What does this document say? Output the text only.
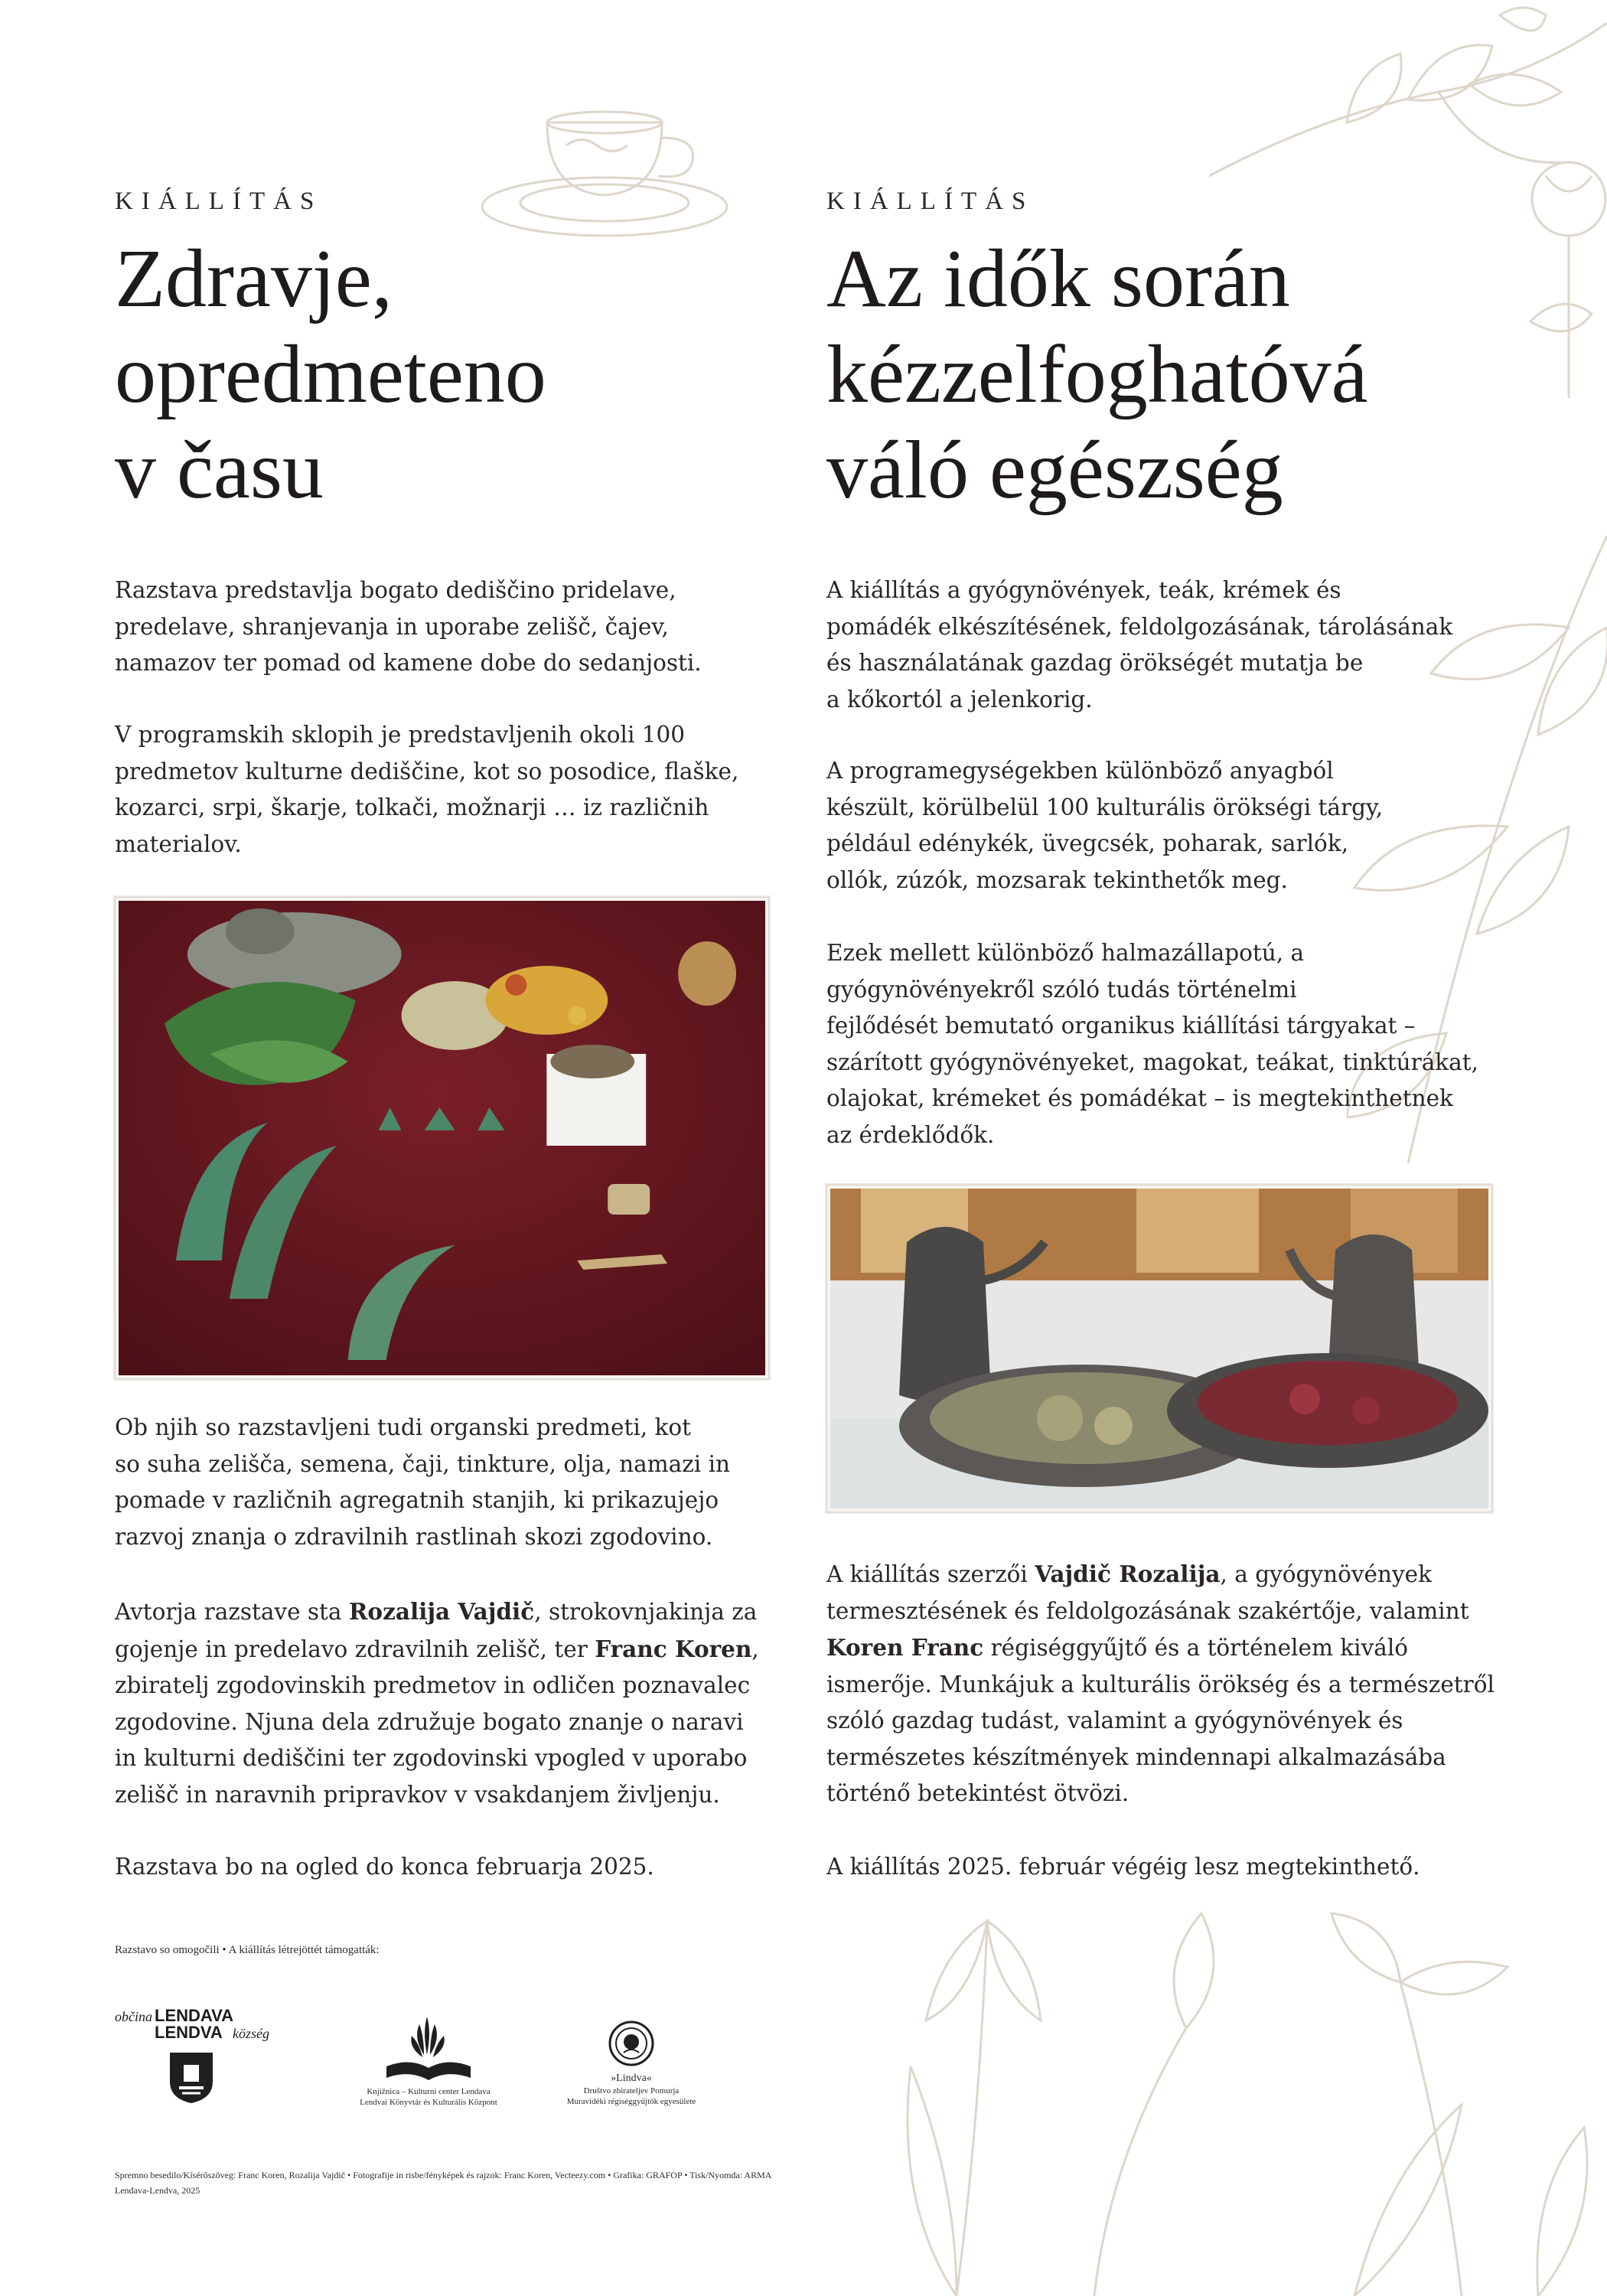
KIÁLLÍTÁS

Zdravje,
opredmeteno
v času
Razstava predstavlja bogato dediščino pridelave,
predelave, shranjevanja in uporabe zelišč, čajev,
namazov ter pomad od kamene dobe do sedanjosti.
V programskih sklopih je predstavljenih okoli 100
predmetov kulturne dediščine, kot so posodice, flaške,
kozarci, srpi, škarje, tolkači, možnarji … iz različnih
materialov.
Ob njih so razstavljeni tudi organski predmeti, kot
so suha zelišča, semena, čaji, tinkture, olja, namazi in
pomade v različnih agregatnih stanjih, ki prikazujejo
razvoj znanja o zdravilnih rastlinah skozi zgodovino.
Avtorja razstave sta Rozalija Vajdič, strokovnjakinja za
gojenje in predelavo zdravilnih zelišč, ter Franc Koren,
zbiratelj zgodovinskih predmetov in odličen poznavalec
zgodovine. Njuna dela združuje bogato znanje o naravi
in kulturni dediščini ter zgodovinski vpogled v uporabo
zelišč in naravnih pripravkov v vsakdanjem življenju.
Razstava bo na ogled do konca februarja 2025.

KIÁLLÍTÁS

Az idők során
kézzelfoghatóvá
váló egészség
A kiállítás a gyógynövények, teák, krémek és
pomádék elkészítésének, feldolgozásának, tárolásának
és használatának gazdag örökségét mutatja be
a kőkortól a jelenkorig.
A programegységekben különböző anyagból
készült, körülbelül 100 kulturális örökségi tárgy,
például edénykék, üvegcsék, poharak, sarlók,
ollók, zúzók, mozsarak tekinthetők meg.
Ezek mellett különböző halmazállapotú, a
gyógynövényekről szóló tudás történelmi
fejlődését bemutató organikus kiállítási tárgyakat –
szárított gyógynövényeket, magokat, teákat, tinktúrákat,
olajokat, krémeket és pomádékat – is megtekinthetnek
az érdeklődők.
A kiállítás szerzői Vajdič Rozalija, a gyógynövények
termesztésének és feldolgozásának szakértője, valamint
Koren Franc régiséggyűjtő és a történelem kiváló
ismerője. Munkájuk a kulturális örökség és a természetről
szóló gazdag tudást, valamint a gyógynövények és
természetes készítmények mindennapi alkalmazásába
történő betekintést ötvözi.
A kiállítás 2025. február végéig lesz megtekinthető.
Razstavo so omogočili • A kiállítás létrejöttét támogatták:
občina LENDAVA
LENDVA község
Knjižnica – Kulturni center Lendava
Lendvai Könyvtár és Kulturális Központ
»Lindva«
Društvo zbirateljev Pomurja
Muravidéki régiséggyűjtők egyesülete
Spremno besedilo/Kísérőszöveg: Franc Koren, Rozalija Vajdič • Fotografije in risbe/fényképek és rajzok: Franc Koren, Vecteezy.com • Grafika: GRAFOP • Tisk/Nyomda: ARMA
Lendava-Lendva, 2025
